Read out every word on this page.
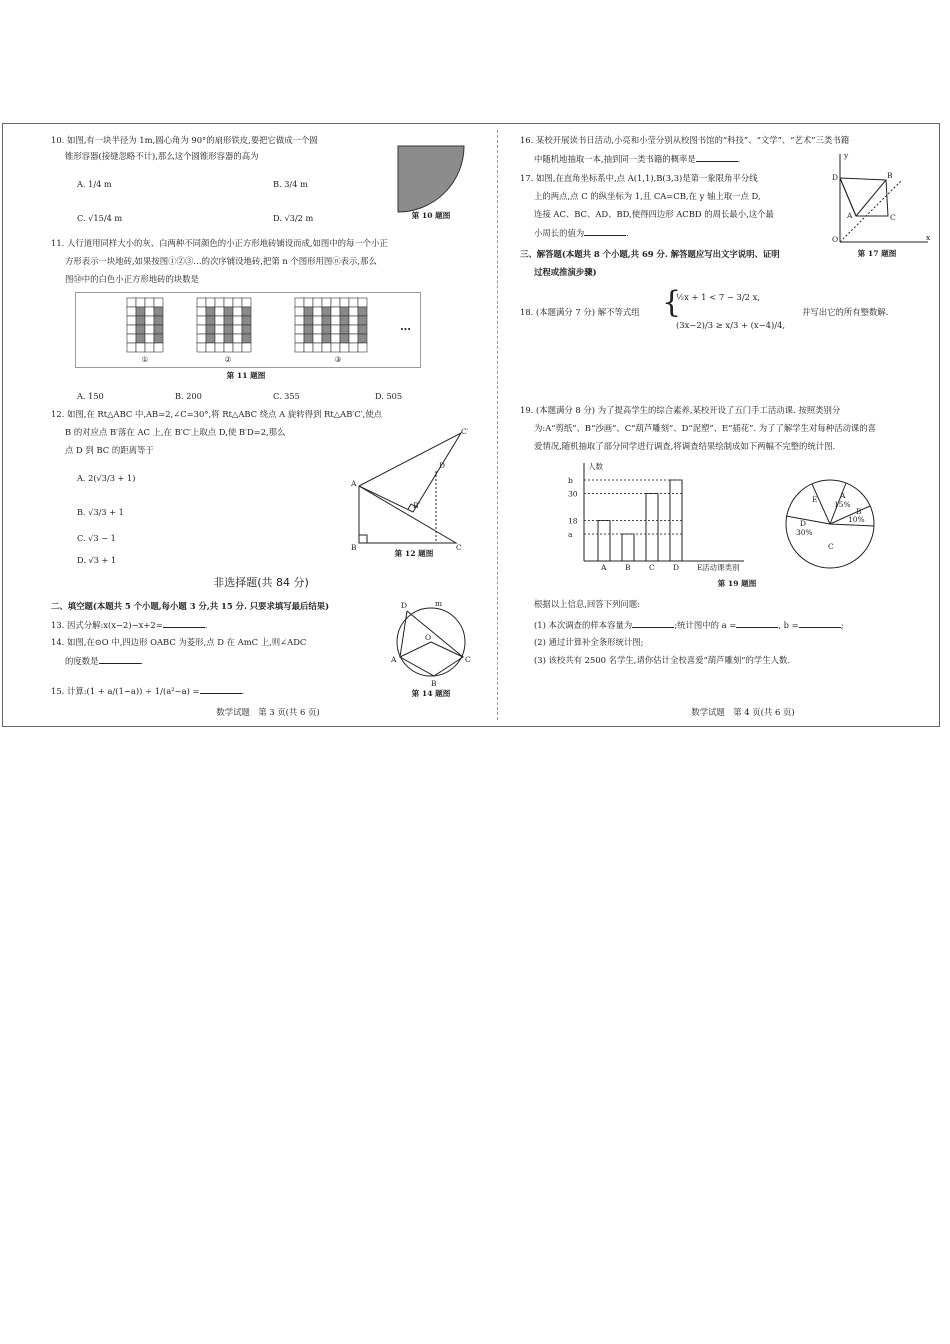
10. 如图,有一块半径为 1m,圆心角为 90°的扇形铁皮,要把它做成一个圆
锥形容器(接缝忽略不计),那么这个圆锥形容器的高为
A. 1/4 m	B. 3/4 m
C. √15/4 m	D. √3/2 m	第 10 题图
11. 人行道用同样大小的灰、白两种不同颜色的小正方形地砖铺设而成,如图中的每一个小正
方形表示一块地砖,如果按图①②③…的次序铺设地砖,把第 n 个图形用图ⓝ表示,那么
图㊿中的白色小正方形地砖的块数是
①	②	③
…
第 11 题图
A. 150	B. 200	C. 355	D. 505
12. 如图,在 Rt△ABC 中,AB=2,∠C=30°,将 Rt△ABC 绕点 A 旋转得到 Rt△AB′C′,使点
B 的对应点 B′落在 AC 上,在 B′C′上取点 D,使 B′D=2,那么
点 D 到 BC 的距离等于
A. 2(√3/3 + 1)
B. √3/3 + 1
C. √3 − 1
D. √3 + 1
A
B	C
C′
D
B′
第 12 题图
非选择题(共 84 分)
二、填空题(本题共 5 个小题,每小题 3 分,共 15 分. 只要求填写最后结果)
13. 因式分解:x(x−2)−x+2=	.
14. 如图,在⊙O 中,四边形 OABC 为菱形,点 D 在 AmC 上,则∠ADC
的度数是	.
D	m
O
A	C
B
第 14 题图
15. 计算:(1 + a/(1−a)) ÷ 1/(a²−a) =	.
数学试题　第 3 页(共 6 页)
16. 某校开展读书日活动,小亮和小莹分别从校图书馆的“科技”、“文学”、“艺术”三类书籍
中随机地抽取一本,抽到同一类书籍的概率是	.
17. 如图,在直角坐标系中,点 A(1,1),B(3,3)是第一象限角平分线
上的两点,点 C 的纵坐标为 1,且 CA=CB,在 y 轴上取一点 D,
连接 AC、BC、AD、BD,使得四边形 ACBD 的周长最小,这个最
小周长的值为	.
y
x
O
D	B
A	C
第 17 题图
三、解答题(本题共 8 个小题,共 69 分. 解答题应写出文字说明、证明
过程或推演步骤)
18. (本题满分 7 分) 解不等式组 {
½x + 1 < 7 − 3/2 x,
(3x−2)/3 ≥ x/3 + (x−4)/4,
并写出它的所有整数解.
19. (本题满分 8 分) 为了提高学生的综合素养,某校开设了五门手工活动课. 按照类别分
为:A“剪纸”、B“沙画”、C“葫芦雕刻”、D“泥塑”、E“插花”. 为了了解学生对每种活动课的喜
爱情况,随机抽取了部分同学进行调查,将调查结果绘制成如下两幅不完整的统计图.
人数
活动课类别
A B C D E
a
18
30
b
A
15%
B
10%
C
D
30%
E
第 19 题图
根据以上信息,回答下列问题:
(1) 本次调查的样本容量为	;统计图中的 a =	, b =	;
(2) 通过计算补全条形统计图;
(3) 该校共有 2500 名学生,请你估计全校喜爱“葫芦雕刻”的学生人数.
数学试题　第 4 页(共 6 页)
